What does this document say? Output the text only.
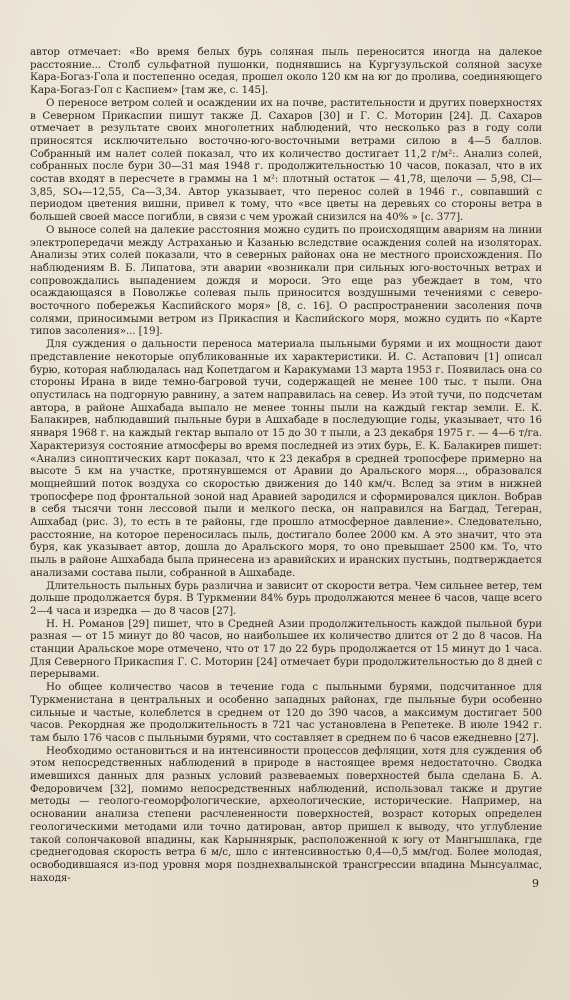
автор отмечает: «Во время белых бурь соляная пыль переносится иногда на далекое расстояние... Столб сульфатной пушонки, поднявшись на Кургузульской соляной засухе Кара-Богаз-Гола и постепенно оседая, прошел около 120 км на юг до пролива, соединяющего Кара-Богаз-Гол с Каспием» [там же, с. 145].

О переносе ветром солей и осаждении их на почве, растительности и других поверхностях в Северном Прикаспии пишут также Д. Сахаров [30] и Г. С. Моторин [24]. Д. Сахаров отмечает в результате своих многолетних наблюдений, что несколько раз в году соли приносятся исключительно восточно-юго-восточными ветрами силою в 4—5 баллов. Собранный им налет солей показал, что их количество достигает 11,2 г/м²:. Анализ солей, собранных после бури 30—31 мая 1948 г. продолжительностью 10 часов, показал, что в их состав входят в пересчете в граммы на 1 м²: плотный остаток — 41,78, щелочи — 5,98, Cl—3,85, SO₄—12,55, Ca—3,34. Автор указывает, что перенос солей в 1946 г., совпавший с периодом цветения вишни, привел к тому, что «все цветы на деревьях со стороны ветра в большей своей массе погибли, в связи с чем урожай снизился на 40% » [с. 377].

О выносе солей на далекие расстояния можно судить по происходящим авариям на линии электропередачи между Астраханью и Казанью вследствие осаждения солей на изоляторах. Анализы этих солей показали, что в северных районах она не местного происхождения. По наблюдениям В. Б. Липатова, эти аварии «возникали при сильных юго-восточных ветрах и сопровождались выпадением дождя и мороси. Это еще раз убеждает в том, что осаждающаяся в Поволжье солевая пыль приносится воздушными течениями с северо-восточного побережья Каспийского моря» [8, с. 16]. О распространении засоления почв солями, приносимыми ветром из Прикаспия и Каспийского моря, можно судить по «Карте типов засоления»... [19].

Для суждения о дальности переноса материала пыльными бурями и их мощности дают представление некоторые опубликованные их характеристики. И. С. Астапович [1] описал бурю, которая наблюдалась над Копетдагом и Каракумами 13 марта 1953 г. Появилась она со стороны Ирана в виде темно-багровой тучи, содержащей не менее 100 тыс. т пыли. Она опустилась на подгорную равнину, а затем направилась на север. Из этой тучи, по подсчетам автора, в районе Ашхабада выпало не менее тонны пыли на каждый гектар земли. Е. К. Балакирев, наблюдавший пыльные бури в Ашхабаде в последующие годы, указывает, что 16 января 1968 г. на каждый гектар выпало от 15 до 30 т пыли, а 23 декабря 1975 г. — 4—6 т/га. Характеризуя состояние атмосферы во время последней из этих бурь, Е. К. Балакирев пишет: «Анализ синоптических карт показал, что к 23 декабря в средней тропосфере примерно на высоте 5 км на участке, протянувшемся от Аравии до Аральского моря..., образовался мощнейший поток воздуха со скоростью движения до 140 км/ч. Вслед за этим в нижней тропосфере под фронтальной зоной над Аравией зародился и сформировался циклон. Вобрав в себя тысячи тонн лессовой пыли и мелкого песка, он направился на Багдад, Тегеран, Ашхабад (рис. 3), то есть в те районы, где прошло атмосферное давление». Следовательно, расстояние, на которое переносилась пыль, достигало более 2000 км. А это значит, что эта буря, как указывает автор, дошла до Аральского моря, то оно превышает 2500 км. То, что пыль в районе Ашхабада была принесена из аравийских и иранских пустынь, подтверждается анализами состава пыли, собранной в Ашхабаде.

Длительность пыльных бурь различна и зависит от скорости ветра. Чем сильнее ветер, тем дольше продолжается буря. В Туркмении 84% бурь продолжаются менее 6 часов, чаще всего 2—4 часа и изредка — до 8 часов [27].

Н. Н. Романов [29] пишет, что в Средней Азии продолжительность каждой пыльной бури разная — от 15 минут до 80 часов, но наибольшее их количество длится от 2 до 8 часов. На станции Аральское море отмечено, что от 17 до 22 бурь продолжается от 15 минут до 1 часа. Для Северного Прикаспия Г. С. Моторин [24] отмечает бури продолжительностью до 8 дней с перерывами.

Но общее количество часов в течение года с пыльными бурями, подсчитанное для Туркменистана в центральных и особенно западных районах, где пыльные бури особенно сильные и частые, колеблется в среднем от 120 до 390 часов, а максимум достигает 500 часов. Рекордная же продолжительность в 721 час установлена в Репетеке. В июле 1942 г. там было 176 часов с пыльными бурями, что составляет в среднем по 6 часов ежедневно [27].

Необходимо остановиться и на интенсивности процессов дефляции, хотя для суждения об этом непосредственных наблюдений в природе в настоящее время недостаточно. Сводка имевшихся данных для разных условий развеваемых поверхностей была сделана Б. А. Федоровичем [32], помимо непосредственных наблюдений, использовал также и другие методы — геолого-геоморфологические, археологические, исторические. Например, на основании анализа степени расчлененности поверхностей, возраст которых определен геологическими методами или точно датирован, автор пришел к выводу, что углубление такой солончаковой впадины, как Карыннярык, расположенной к югу от Мангышлака, где среднегодовая скорость ветра 6 м/с, шло с интенсивностью 0,4—0,5 мм/год. Более молодая, освободившаяся из-под уровня моря позднехвалынской трансгрессии впадина Мынсуалмас, находя-	9
